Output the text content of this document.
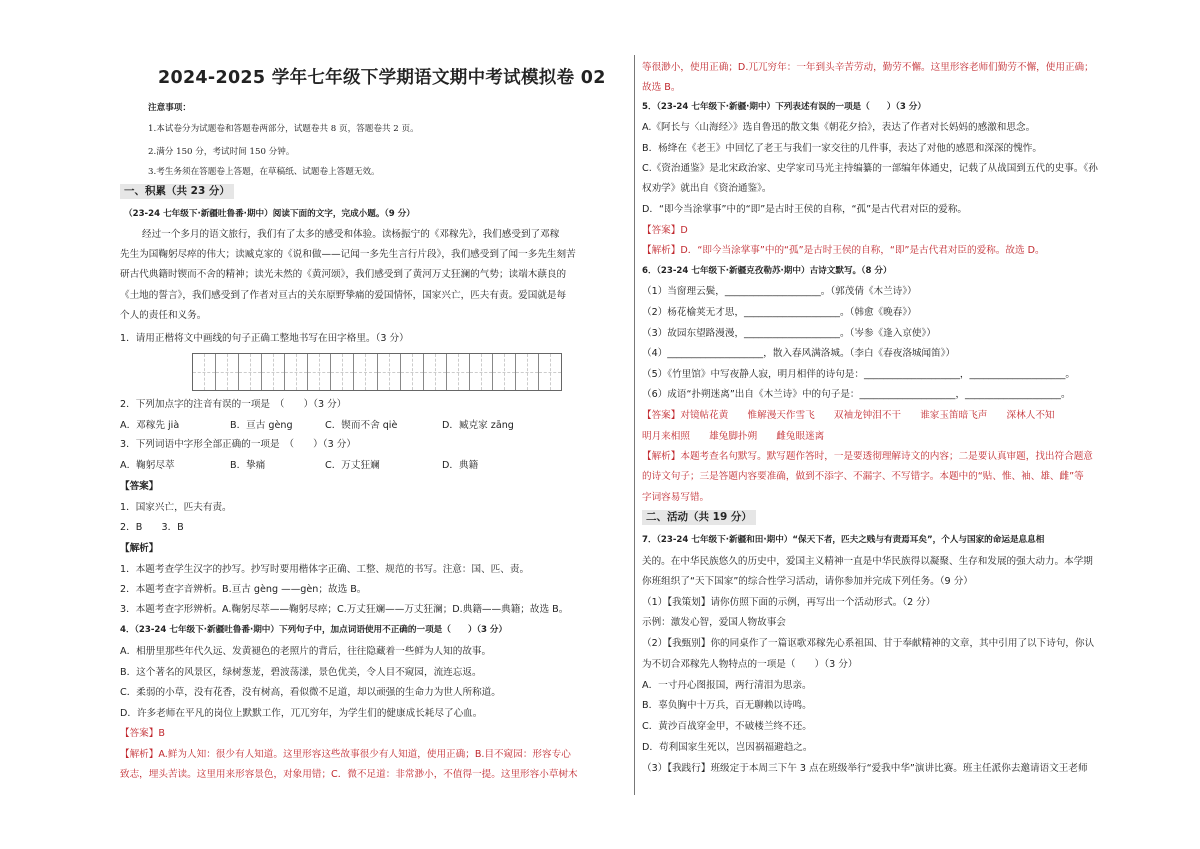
2024-2025 学年七年级下学期语文期中考试模拟卷 02
注意事项：
1.本试卷分为试题卷和答题卷两部分，试题卷共 8 页，答题卷共 2 页。
2.满分 150 分，考试时间 150 分钟。
3.考生务须在答题卷上答题，在草稿纸、试题卷上答题无效。
一、积累（共 23 分）
（23-24 七年级下·新疆吐鲁番·期中）阅读下面的文字，完成小题。（9 分）
经过一个多月的语文旅行，我们有了太多的感受和体验。读杨振宁的《邓稼先》，我们感受到了邓稼
先生为国鞠躬尽瘁的伟大；读臧克家的《说和做——记闻一多先生言行片段》，我们感受到了闻一多先生刻苦
研古代典籍时锲而不舍的精神；读光未然的《黄河颂》，我们感受到了黄河万丈狂澜的气势；读端木蕻良的
《土地的誓言》，我们感受到了作者对亘古的关东原野挚痛的爱国情怀，国家兴亡，匹夫有责。爱国就是每
个人的责任和义务。
1．请用正楷将文中画线的句子正确工整地书写在田字格里。（3 分）
2．下列加点字的注音有误的一项是　（　　）（3 分）
A．邓稼先 jià	B．亘古 gèng	C．锲而不舍 qiè	D．臧克家 zāng
3．下列词语中字形全部正确的一项是　（　　）（3 分）
A．鞠躬尽萃	B．挚痛	C．万丈狂斓	D．典籍
【答案】
1．国家兴亡，匹夫有责。
2．B　　3．B
【解析】
1．本题考查学生汉字的抄写。抄写时要用楷体字正确、工整、规范的书写。注意：国、匹、责。
2．本题考查字音辨析。B.亘古 gèng ——gèn；故选 B。
3．本题考查字形辨析。A.鞠躬尽萃——鞠躬尽瘁；C.万丈狂斓——万丈狂澜；D.典籍——典籍；故选 B。
4．（23-24 七年级下·新疆吐鲁番·期中）下列句子中，加点词语使用不正确的一项是（　　）（3 分）
A．相册里那些年代久远、发黄褪色的老照片的背后，往往隐藏着一些鲜为人知的故事。
B．这个著名的风景区，绿树葱茏，碧波荡漾，景色优美，令人目不窥园，流连忘返。
C．柔弱的小草，没有花香，没有树高，看似微不足道，却以顽强的生命力为世人所称道。
D．许多老师在平凡的岗位上默默工作，兀兀穷年，为学生们的健康成长耗尽了心血。
【答案】B
【解析】A.鲜为人知：很少有人知道。这里形容这些故事很少有人知道，使用正确；B.目不窥园：形容专心
致志，埋头苦读。这里用来形容景色，对象用错；C．微不足道：非常渺小，不值得一提。这里形容小草树木
等很渺小，使用正确；D.兀兀穷年：一年到头辛苦劳动，勤劳不懈。这里形容老师们勤劳不懈，使用正确；
故选 B。
5．（23-24 七年级下·新疆·期中）下列表述有误的一项是（　　）（3 分）
A.《阿长与〈山海经〉》选自鲁迅的散文集《朝花夕拾》，表达了作者对长妈妈的感激和思念。
B．杨绛在《老王》中回忆了老王与我们一家交往的几件事，表达了对他的感恩和深深的愧怍。
C.《资治通鉴》是北宋政治家、史学家司马光主持编纂的一部编年体通史，记载了从战国到五代的史事。《孙
权劝学》就出自《资治通鉴》。
D．“即今当涂掌事”中的“即”是古时王侯的自称，“孤”是古代君对臣的爱称。
【答案】D
【解析】D．“即今当涂掌事”中的“孤”是古时王侯的自称，“即”是古代君对臣的爱称。故选 D。
6．（23-24 七年级下·新疆克孜勒苏·期中）古诗文默写。（8 分）
（1）当窗理云鬓，____________________。（郭茂倩《木兰诗》）
（2）杨花榆荚无才思，____________________。（韩愈《晚春》）
（3）故园东望路漫漫，____________________。（岑参《逢入京使》）
（4）____________________，散入春风满洛城。（李白《春夜洛城闻笛》）
（5）《竹里馆》中写夜静人寂，明月相伴的诗句是：____________________，____________________。
（6）成语“扑朔迷离”出自《木兰诗》中的句子是：____________________，____________________。
【答案】对镜帖花黄　　惟解漫天作雪飞　　双袖龙钟泪不干　　谁家玉笛暗飞声　　深林人不知
明月来相照　　雄兔脚扑朔　　雌兔眼迷离
【解析】本题考查名句默写。默写题作答时，一是要透彻理解诗文的内容；二是要认真审题，找出符合题意
的诗文句子；三是答题内容要准确，做到不添字、不漏字、不写错字。本题中的“贴、惟、袖、雄、雌”等
字词容易写错。
二、活动（共 19 分）
7．（23-24 七年级下·新疆和田·期中）“保天下者，匹夫之贱与有责焉耳矣”，个人与国家的命运是息息相
关的。在中华民族悠久的历史中，爱国主义精神一直是中华民族得以凝聚、生存和发展的强大动力。本学期
你班组织了“天下国家”的综合性学习活动，请你参加并完成下列任务。（9 分）
（1）【我策划】请你仿照下面的示例，再写出一个活动形式。（2 分）
示例：激发心智，爱国人物故事会
（2）【我甄别】你的同桌作了一篇讴歌邓稼先心系祖国、甘于奉献精神的文章，其中引用了以下诗句，你认
为不切合邓稼先人物特点的一项是（　　）（3 分）
A．一寸丹心图报国，两行清泪为思亲。
B．辜负胸中十万兵，百无聊赖以诗鸣。
C．黄沙百战穿金甲，不破楼兰终不还。
D．苟利国家生死以，岂因祸福避趋之。
（3）【我践行】班级定于本周三下午 3 点在班级举行“爱我中华”演讲比赛。班主任派你去邀请语文王老师
